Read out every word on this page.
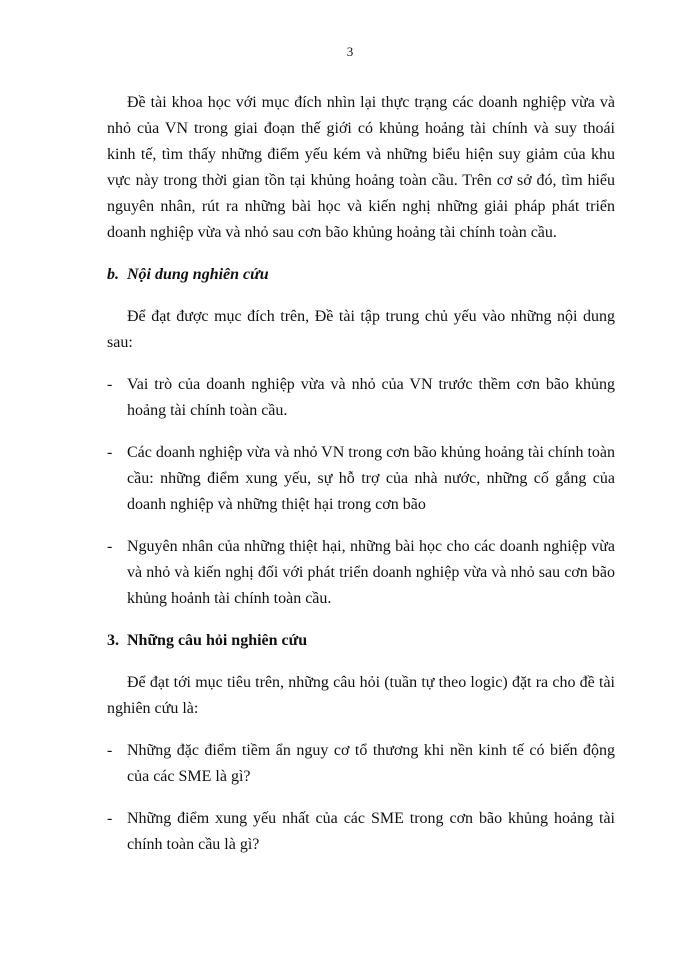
3

Đề tài khoa học với mục đích nhìn lại thực trạng các doanh nghiệp vừa và nhỏ của VN trong giai đoạn thế giới có khủng hoảng tài chính và suy thoái kinh tế, tìm thấy những điểm yếu kém và những biểu hiện suy giảm của khu vực này trong thời gian tồn tại khủng hoảng toàn cầu. Trên cơ sở đó, tìm hiểu nguyên nhân, rút ra những bài học và kiến nghị những giải pháp phát triển doanh nghiệp vừa và nhỏ sau cơn bão khủng hoảng tài chính toàn cầu.

b. Nội dung nghiên cứu

Để đạt được mục đích trên, Đề tài tập trung chủ yếu vào những nội dung sau:

- Vai trò của doanh nghiệp vừa và nhỏ của VN trước thềm cơn bão khủng hoảng tài chính toàn cầu.
- Các doanh nghiệp vừa và nhỏ VN trong cơn bão khủng hoảng tài chính toàn cầu: những điểm xung yếu, sự hỗ trợ của nhà nước, những cố gắng của doanh nghiệp và những thiệt hại trong cơn bão
- Nguyên nhân của những thiệt hại, những bài học cho các doanh nghiệp vừa và nhỏ và kiến nghị đối với phát triển doanh nghiệp vừa và nhỏ sau cơn bão khủng hoảnh tài chính toàn cầu.
3. Những câu hỏi nghiên cứu

Để đạt tới mục tiêu trên, những câu hỏi (tuần tự theo logic) đặt ra cho đề tài nghiên cứu là:

- Những đặc điểm tiềm ẩn nguy cơ tổ thương khi nền kinh tế có biến động của các SME là gì?
- Những điểm xung yếu nhất của các SME trong cơn bão khủng hoảng tài chính toàn cầu là gì?
